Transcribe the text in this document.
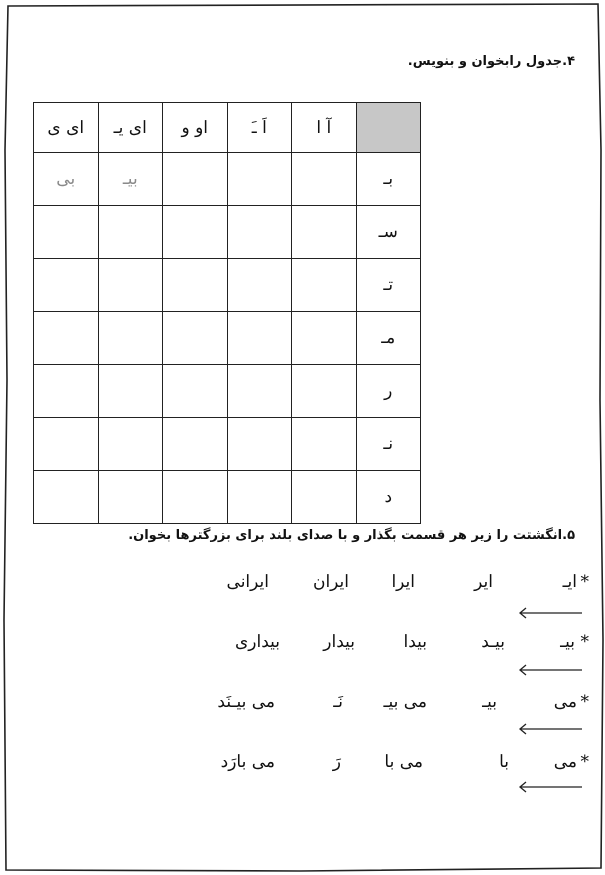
۴.جدول رابخوان و بنویس.
	آ ا	اَ ـَ	او و	ای یـ	ای ی
بـ				بیـ	بی
سـ					
تـ					
مـ					
ر					
نـ					
د					
۵.انگشتت را زیر هر قسمت بگذار و با صدای بلند برای بزرگترها بخوان.
*
ایـ
ایر
ایرا
ایران
ایرانی
*
بیـ
بیـد
بیدا
بیدار
بیداری
*
می
بیـ
می بیـ
نَـ
می بیـنَد
*
می
با
می با
رَ
می بارَد
